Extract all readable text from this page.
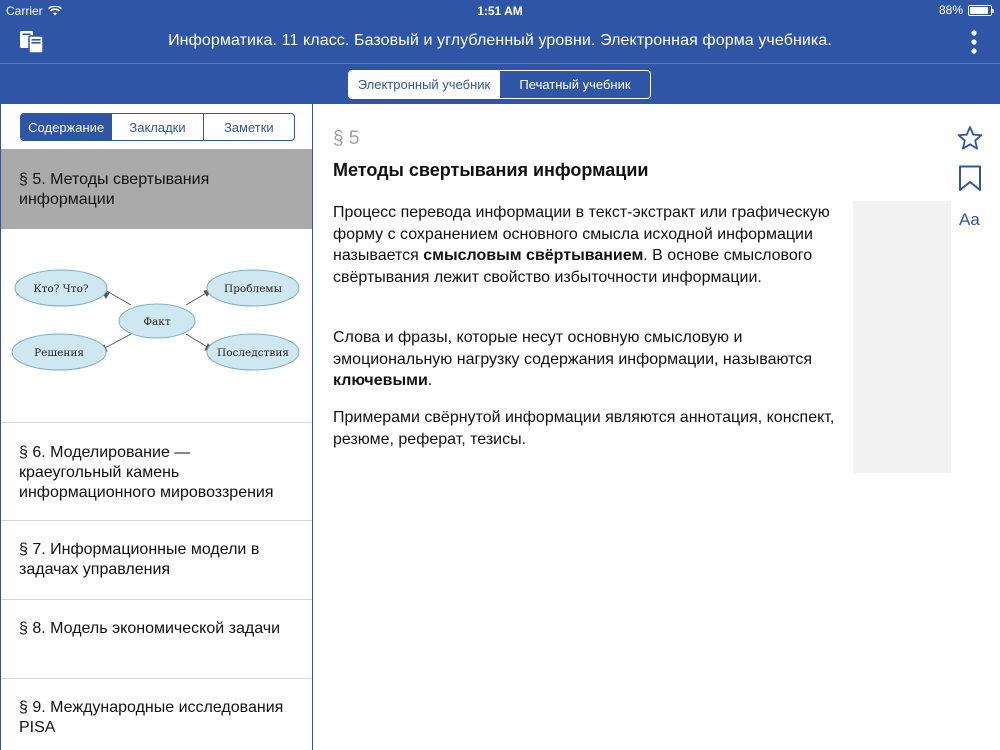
Carrier	1:51 AM	88%
Информатика. 11 класс. Базовый и углубленный уровни. Электронная форма учебника.
Электронный учебник	Печатный учебник
Содержание	Закладки	Заметки
§ 5. Методы свертывания информации
Кто? Что?	Проблемы
Факт
Решения	Последствия
§ 6. Моделирование — краеугольный камень информационного мировоззрения
§ 7. Информационные модели в задачах управления
§ 8. Модель экономической задачи
§ 9. Международные исследования PISA
§ 5
Методы свертывания информации
Процесс перевода информации в текст-экстракт или графическую форму с сохранением основного смысла исходной информации называется смысловым свёртыванием. В основе смыслового свёртывания лежит свойство избыточности информации.
Слова и фразы, которые несут основную смысловую и эмоциональную нагрузку содержания информации, называются ключевыми.
Примерами свёрнутой информации являются аннотация, конспект, резюме, реферат, тезисы.
Aa
